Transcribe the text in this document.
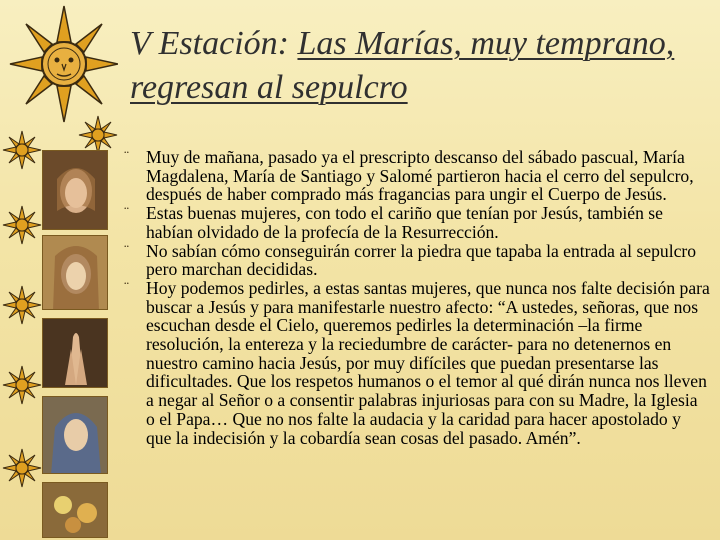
V Estación: Las Marías, muy temprano, regresan al sepulcro
¨ Muy de mañana, pasado ya el prescripto descanso del sábado pascual, María Magdalena, María de Santiago y Salomé partieron hacia el cerro del sepulcro, después de haber comprado más fragancias para ungir el Cuerpo de Jesús.
¨ Estas buenas mujeres, con todo el cariño que tenían por Jesús, también se habían olvidado de la profecía de la Resurrección.
¨ No sabían cómo conseguirán correr la piedra que tapaba la entrada al sepulcro pero marchan decididas.
¨ Hoy podemos pedirles, a estas santas mujeres, que nunca nos falte decisión para buscar a Jesús y para manifestarle nuestro afecto: “A ustedes, señoras, que nos escuchan desde el Cielo, queremos pedirles la determinación –la firme resolución, la entereza y la reciedumbre de carácter- para no detenernos en nuestro camino hacia Jesús, por muy difíciles que puedan presentarse las dificultades. Que los respetos humanos o el temor al qué dirán nunca nos lleven a negar al Señor o a consentir palabras injuriosas para con su Madre, la Iglesia o el Papa… Que no nos falte la audacia y la caridad para hacer apostolado y que la indecisión y la cobardía sean cosas del pasado. Amén”.
